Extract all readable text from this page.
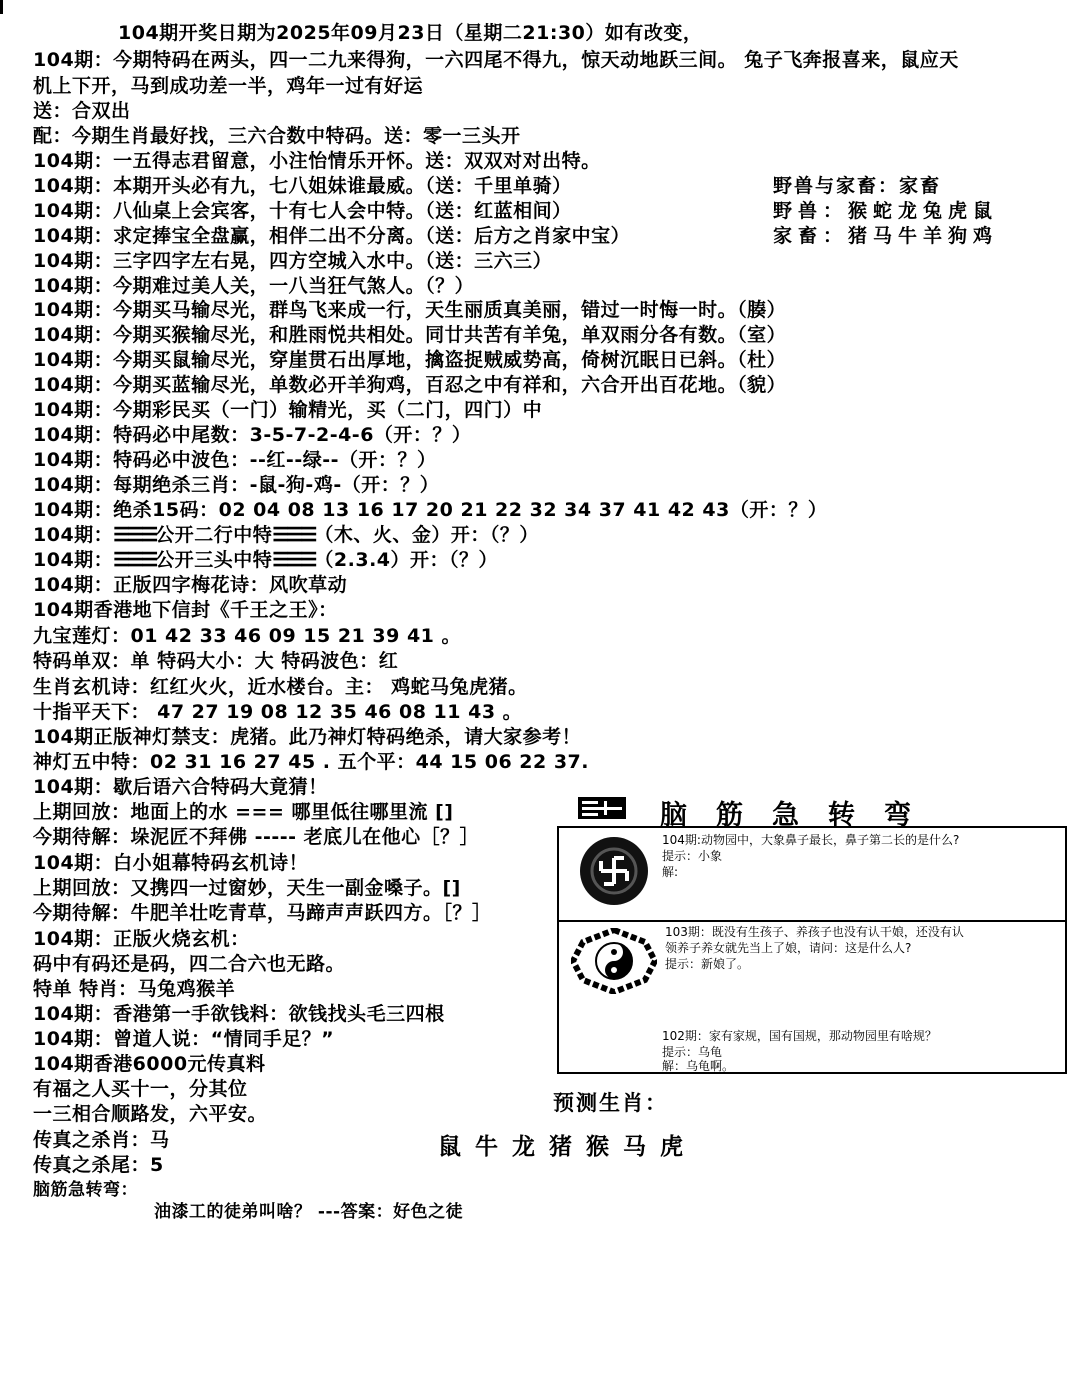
104期开奖日期为2025年09月23日（星期二21:30）如有改变，
104期：今期特码在两头，四一二九来得狗，一六四尾不得九，惊天动地跃三间。 兔子飞奔报喜来，鼠应天
机上下开，马到成功差一半，鸡年一过有好运
送：合双出
配：今期生肖最好找，三六合数中特码。送：零一三头开
104期：一五得志君留意，小注怡情乐开怀。送：双双对对出特。
104期：本期开头必有九，七八姐妹谁最威。（送：千里单骑）
104期：八仙桌上会宾客，十有七人会中特。（送：红蓝相间）
104期：求定捧宝全盘赢，相伴二出不分离。（送：后方之肖家中宝）
104期：三字四字左右晃，四方空城入水中。（送：三六三）
104期：今期难过美人关，一八当狂气煞人。（？）
104期：今期买马输尽光，群鸟飞来成一行，天生丽质真美丽，错过一时悔一时。（腠）
104期：今期买猴输尽光，和胜雨悦共相处。同廿共苦有羊兔，单双雨分各有数。（室）
104期：今期买鼠输尽光，穿崖贯石出厚地，擒盗捉贼威势高，倚树沉眠日已斜。（杜）
104期：今期买蓝输尽光，单数必开羊狗鸡，百忍之中有祥和，六合开出百花地。（貌）
104期：今期彩民买（一门）输精光，买（二门，四门）中
104期：特码必中尾数：3-5-7-2-4-6（开：？）
104期：特码必中波色：--红--绿--（开：？）
104期：每期绝杀三肖：-鼠-狗-鸡-（开：？）
104期：绝杀15码：02 04 08 13 16 17 20 21 22 32 34 37 41 42 43（开：？）
104期：☰☰☰公开二行中特☰☰☰（木、火、金）开：（？）
104期：☰☰☰公开三头中特☰☰☰（2.3.4）开：（？）
104期：正版四字梅花诗：风吹草动
104期香港地下信封《千王之王》：
九宝莲灯：01 42 33 46 09 15 21 39 41 。
特码单双：单 特码大小：大 特码波色：红
生肖玄机诗：红红火火，近水楼台。主： 鸡蛇马兔虎猪。
十指平天下： 47 27 19 08 12 35 46 08 11 43 。
104期正版神灯禁支：虎猪。此乃神灯特码绝杀，请大家参考！
神灯五中特：02 31 16 27 45 . 五个平：44 15 06 22 37.
104期：歇后语六合特码大竟猜！
上期回放：地面上的水 === 哪里低往哪里流 []
今期待解：垛泥匠不拜佛 ----- 老底儿在他心［？］
104期：白小姐幕特码玄机诗！
上期回放：又携四一过窗妙，天生一副金嗓子。[]
今期待解：牛肥羊壮吃青草，马蹄声声跃四方。［？］
104期：正版火烧玄机：
码中有码还是码，四二合六也无路。
特单 特肖：马兔鸡猴羊
104期：香港第一手欲钱料：欲钱找头毛三四根
104期：曾道人说：“情同手足？”
104期香港6000元传真料
有福之人买十一，分其位
一三相合顺路发，六平安。
传真之杀肖：马
传真之杀尾：5
脑筋急转弯：
油漆工的徒弟叫啥？ ---答案：好色之徒
野兽与家畜：家畜
野兽：猴蛇龙兔虎鼠
家畜：猪马牛羊狗鸡
脑筋急转弯
104期:动物园中，大象鼻子最长，鼻子第二长的是什么?
提示：小象
解:
103期：既没有生孩子、养孩子也没有认干娘，还没有认
领养子养女就先当上了娘，请问：这是什么人?
提示：新娘了。
102期：家有家规，国有国规，那动物园里有啥规？
提示：乌龟
解：乌龟啊。
预测生肖：
鼠牛龙猪猴马虎
